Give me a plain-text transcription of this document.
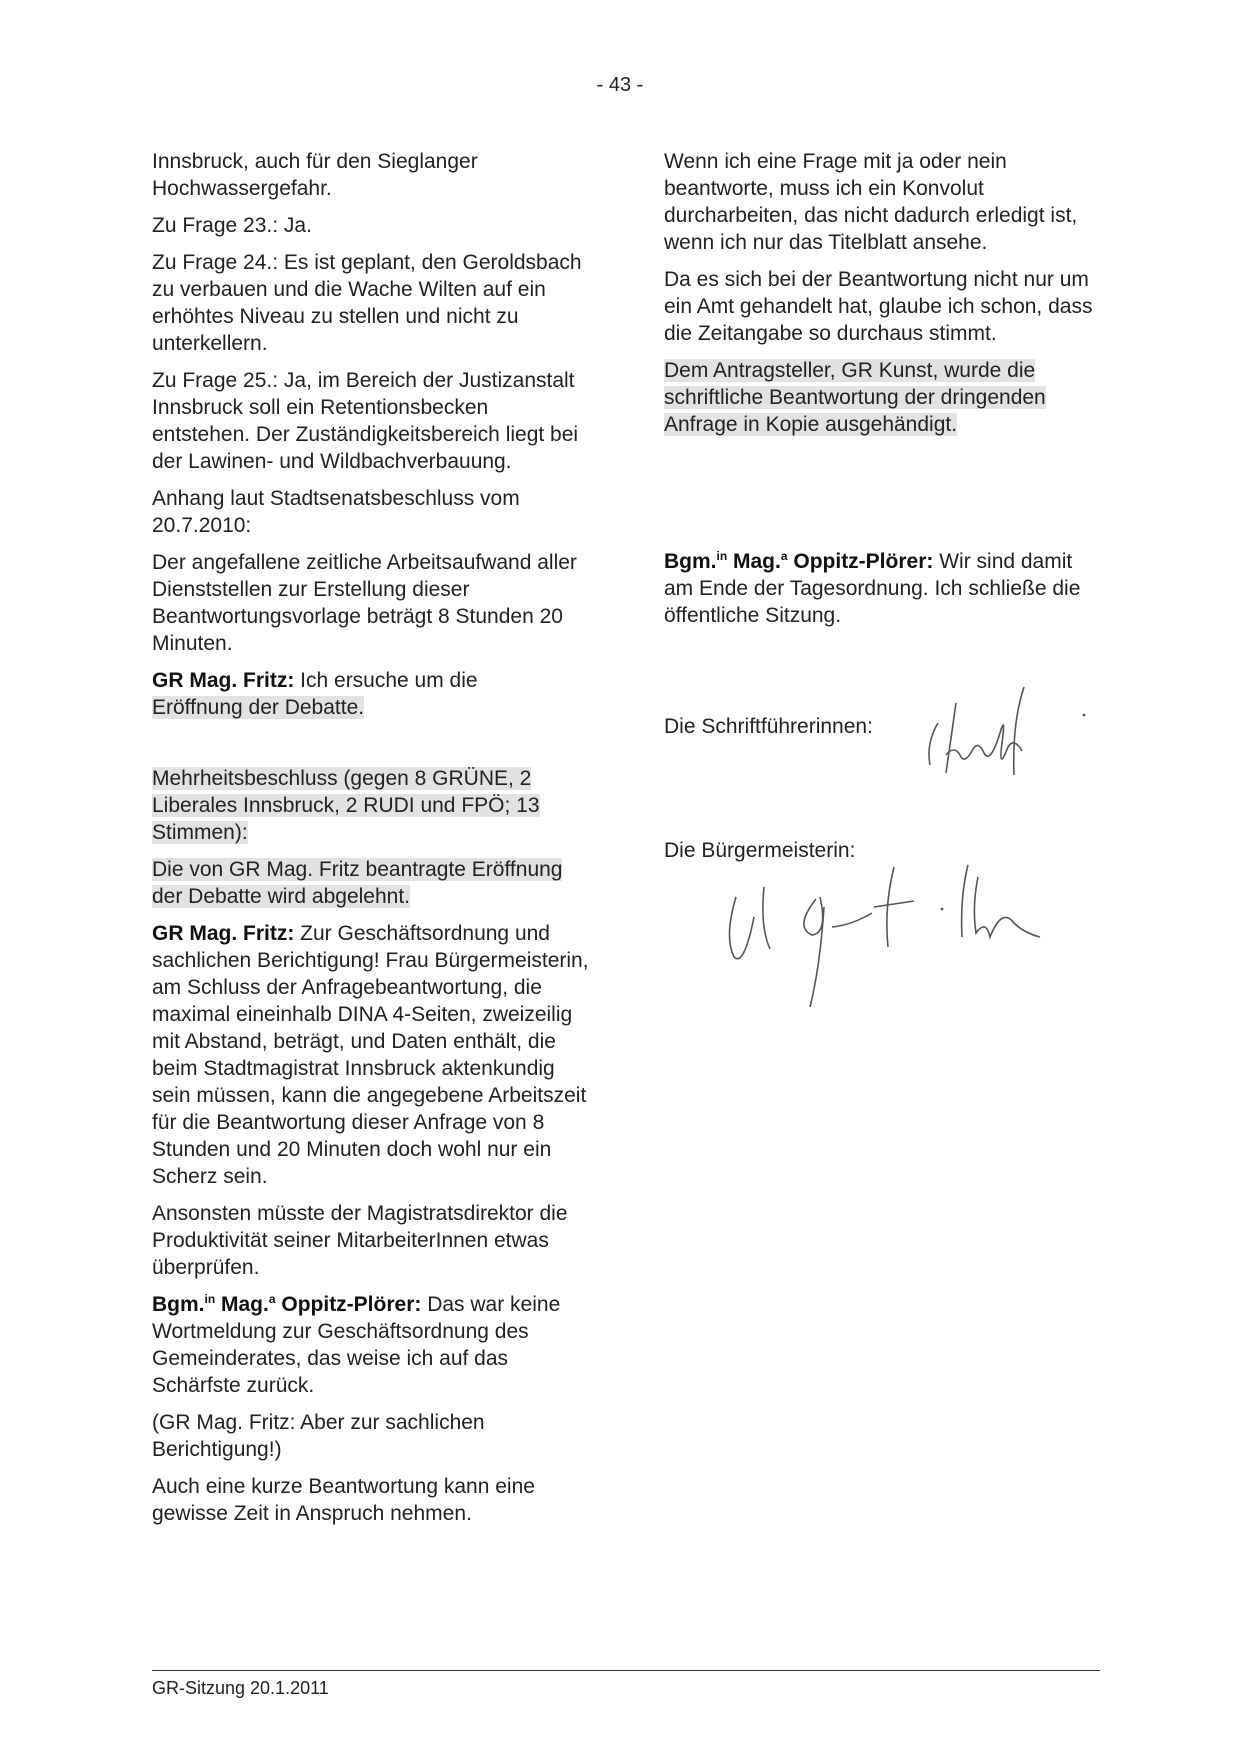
- 43 -

Innsbruck, auch für den Sieglanger Hochwassergefahr.

Zu Frage 23.: Ja.

Zu Frage 24.: Es ist geplant, den Geroldsbach zu verbauen und die Wache Wilten auf ein erhöhtes Niveau zu stellen und nicht zu unterkellern.

Zu Frage 25.: Ja, im Bereich der Justizanstalt Innsbruck soll ein Retentionsbecken entstehen. Der Zuständigkeitsbereich liegt bei der Lawinen- und Wildbachverbauung.

Anhang laut Stadtsenatsbeschluss vom 20.7.2010:

Der angefallene zeitliche Arbeitsaufwand aller Dienststellen zur Erstellung dieser Beantwortungsvorlage beträgt 8 Stunden 20 Minuten.

GR Mag. Fritz: Ich ersuche um die
Eröffnung der Debatte.

Mehrheitsbeschluss (gegen 8 GRÜNE, 2 Liberales Innsbruck, 2 RUDI und FPÖ; 13 Stimmen):

Die von GR Mag. Fritz beantragte Eröffnung der Debatte wird abgelehnt.

GR Mag. Fritz: Zur Geschäftsordnung und sachlichen Berichtigung! Frau Bürgermeisterin, am Schluss der Anfragebeantwortung, die maximal eineinhalb DINA 4-Seiten, zweizeilig mit Abstand, beträgt, und Daten enthält, die beim Stadtmagistrat Innsbruck aktenkundig sein müssen, kann die angegebene Arbeitszeit für die Beantwortung dieser Anfrage von 8 Stunden und 20 Minuten doch wohl nur ein Scherz sein.

Ansonsten müsste der Magistratsdirektor die Produktivität seiner MitarbeiterInnen etwas überprüfen.

Bgm.$^{in}$ Mag.$^a$ Oppitz-Plörer: Das war keine Wortmeldung zur Geschäftsordnung des Gemeinderates, das weise ich auf das Schärfste zurück.

(GR Mag. Fritz: Aber zur sachlichen Berichtigung!)

Auch eine kurze Beantwortung kann eine gewisse Zeit in Anspruch nehmen.

Wenn ich eine Frage mit ja oder nein beantworte, muss ich ein Konvolut durcharbeiten, das nicht dadurch erledigt ist, wenn ich nur das Titelblatt ansehe.

Da es sich bei der Beantwortung nicht nur um ein Amt gehandelt hat, glaube ich schon, dass die Zeitangabe so durchaus stimmt.

Dem Antragsteller, GR Kunst, wurde die schriftliche Beantwortung der dringenden Anfrage in Kopie ausgehändigt.

Bgm.$^{in}$ Mag.$^a$ Oppitz-Plörer: Wir sind damit am Ende der Tagesordnung. Ich schließe die öffentliche Sitzung.

Die Schriftführerinnen:
Die Bürgermeisterin:
GR-Sitzung 20.1.2011
